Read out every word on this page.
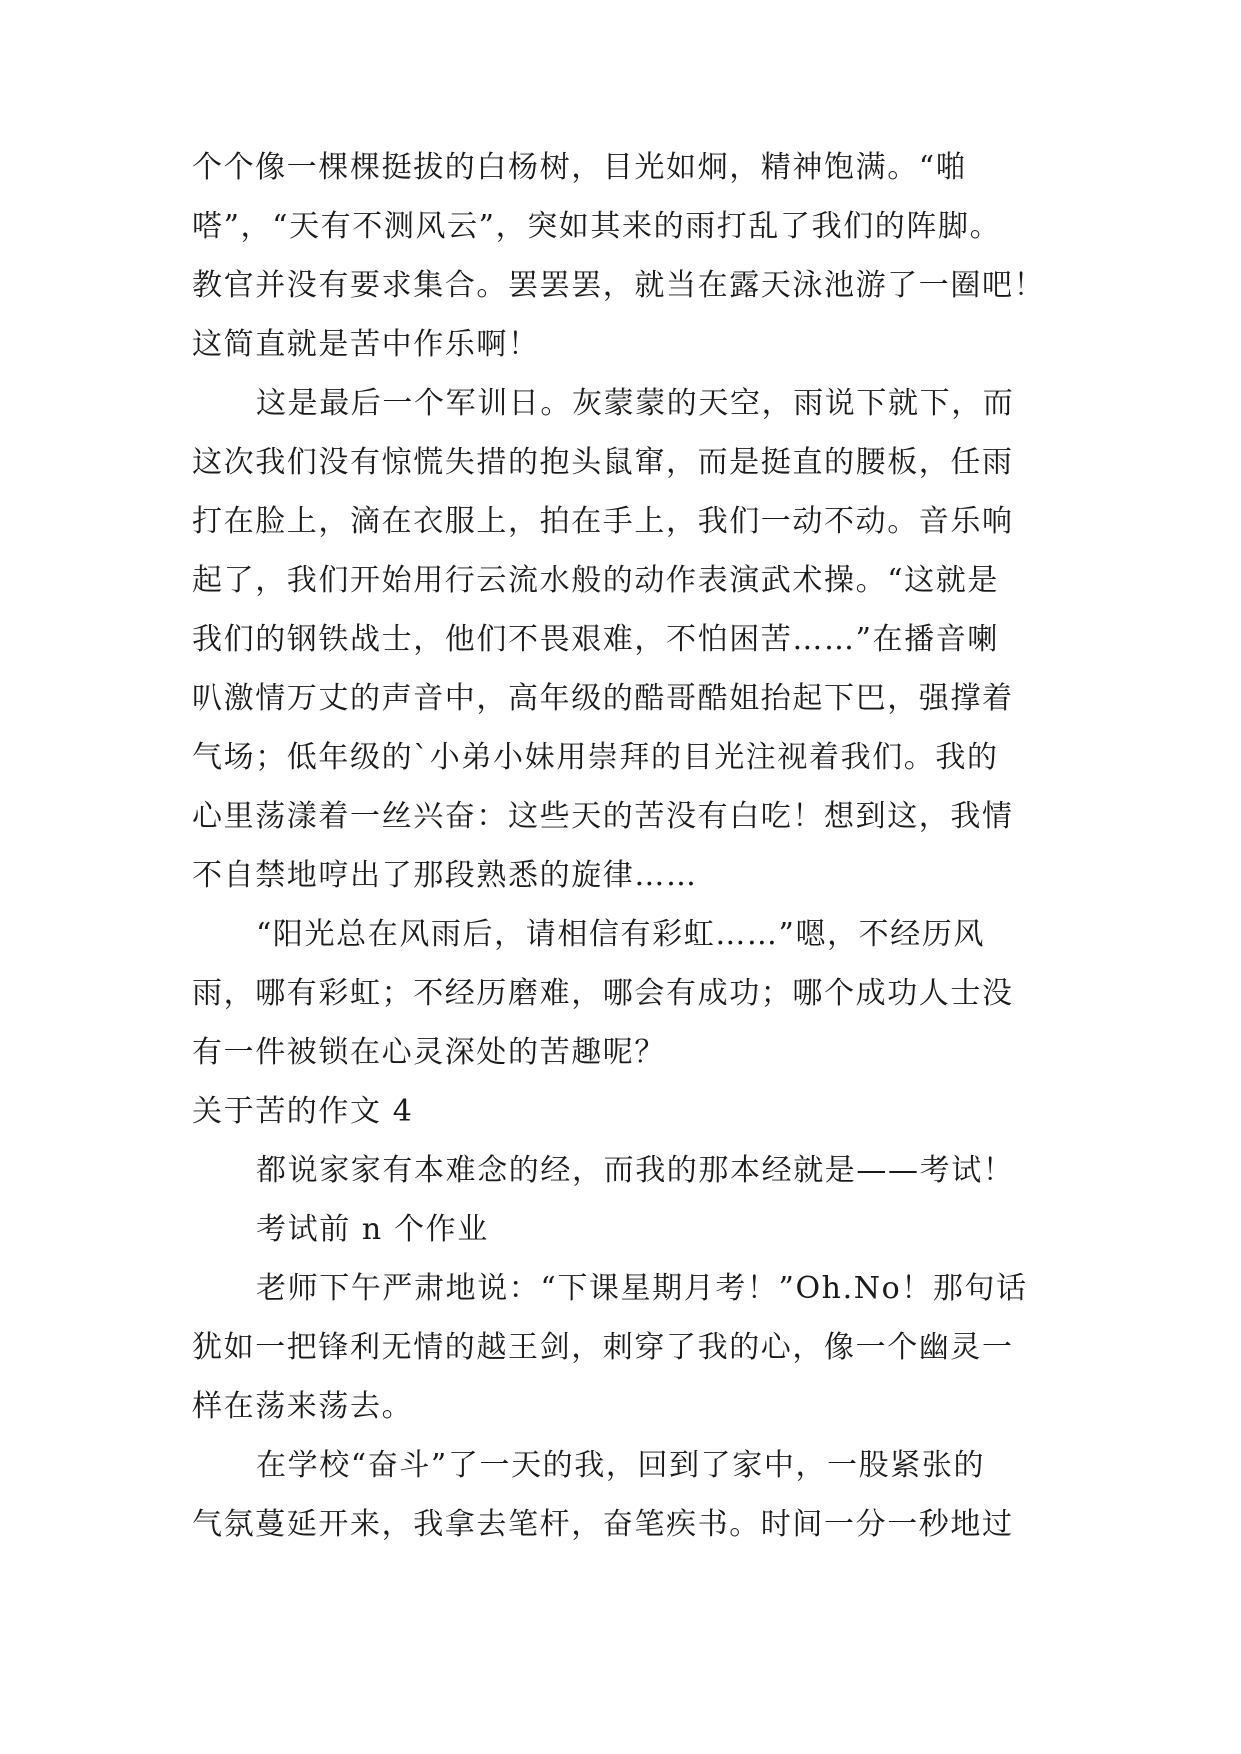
个个像一棵棵挺拔的白杨树，目光如炯，精神饱满。“啪
嗒”，“天有不测风云”，突如其来的雨打乱了我们的阵脚。
教官并没有要求集合。罢罢罢，就当在露天泳池游了一圈吧！
这简直就是苦中作乐啊！
这是最后一个军训日。灰蒙蒙的天空，雨说下就下，而
这次我们没有惊慌失措的抱头鼠窜，而是挺直的腰板，任雨
打在脸上，滴在衣服上，拍在手上，我们一动不动。音乐响
起了，我们开始用行云流水般的动作表演武术操。“这就是
我们的钢铁战士，他们不畏艰难，不怕困苦……”在播音喇
叭激情万丈的声音中，高年级的酷哥酷姐抬起下巴，强撑着
气场；低年级的`小弟小妹用崇拜的目光注视着我们。我的
心里荡漾着一丝兴奋：这些天的苦没有白吃！想到这，我情
不自禁地哼出了那段熟悉的旋律……
“阳光总在风雨后，请相信有彩虹……”嗯，不经历风
雨，哪有彩虹；不经历磨难，哪会有成功；哪个成功人士没
有一件被锁在心灵深处的苦趣呢？
关于苦的作文 4
都说家家有本难念的经，而我的那本经就是——考试！
考试前 n 个作业
老师下午严肃地说：“下课星期月考！”Oh.No！那句话
犹如一把锋利无情的越王剑，刺穿了我的心，像一个幽灵一
样在荡来荡去。
在学校“奋斗”了一天的我，回到了家中，一股紧张的
气氛蔓延开来，我拿去笔杆，奋笔疾书。时间一分一秒地过
